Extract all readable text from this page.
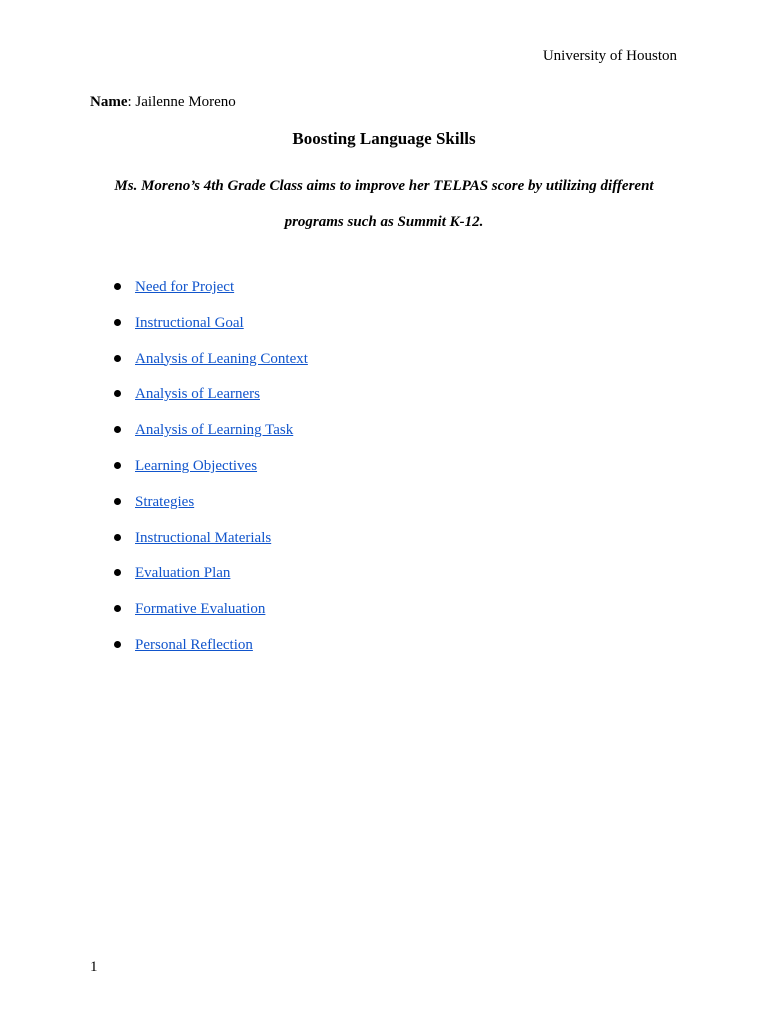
University of Houston
Name: Jailenne Moreno
Boosting Language Skills
Ms. Moreno’s 4th Grade Class aims to improve her TELPAS score by utilizing different programs such as Summit K-12.
Need for Project
Instructional Goal
Analysis of Leaning Context
Analysis of Learners
Analysis of Learning Task
Learning Objectives
Strategies
Instructional Materials
Evaluation Plan
Formative Evaluation
Personal Reflection
1
